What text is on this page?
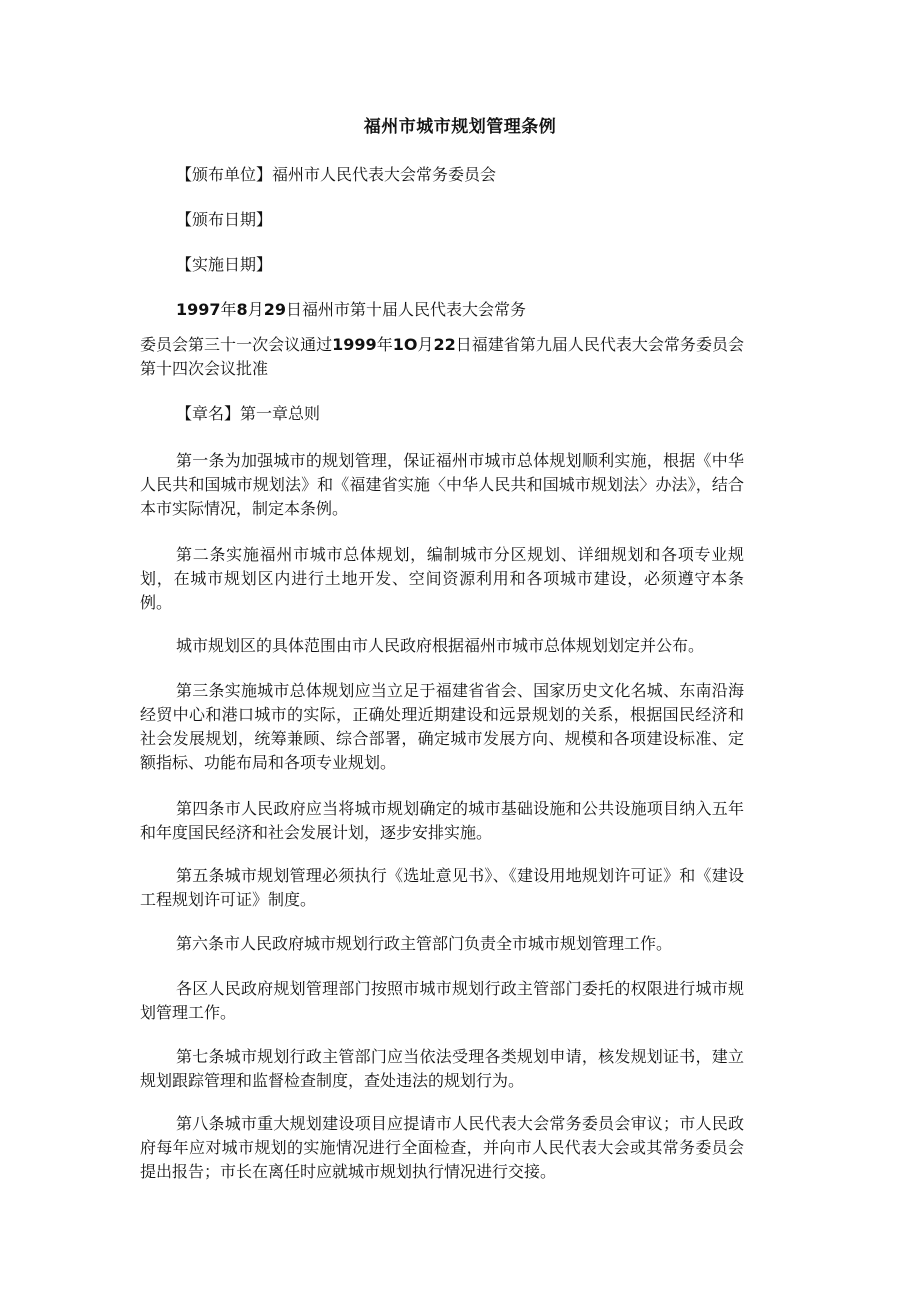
福州市城市规划管理条例
【颁布单位】福州市人民代表大会常务委员会
【颁布日期】
【实施日期】
1997年8月29日福州市第十届人民代表大会常务
委员会第三十一次会议通过1999年1O月22日福建省第九届人民代表大会常务委员会第十四次会议批准
【章名】第一章总则
第一条为加强城市的规划管理，保证福州市城市总体规划顺利实施，根据《中华人民共和国城市规划法》和《福建省实施〈中华人民共和国城市规划法〉办法》，结合本市实际情况，制定本条例。
第二条实施福州市城市总体规划，编制城市分区规划、详细规划和各项专业规划，在城市规划区内进行土地开发、空间资源利用和各项城市建设，必须遵守本条例。
城市规划区的具体范围由市人民政府根据福州市城市总体规划划定并公布。
第三条实施城市总体规划应当立足于福建省省会、国家历史文化名城、东南沿海经贸中心和港口城市的实际，正确处理近期建设和远景规划的关系，根据国民经济和社会发展规划，统筹兼顾、综合部署，确定城市发展方向、规模和各项建设标准、定额指标、功能布局和各项专业规划。
第四条市人民政府应当将城市规划确定的城市基础设施和公共设施项目纳入五年和年度国民经济和社会发展计划，逐步安排实施。
第五条城市规划管理必须执行《选址意见书》、《建设用地规划许可证》和《建设工程规划许可证》制度。
第六条市人民政府城市规划行政主管部门负责全市城市规划管理工作。
各区人民政府规划管理部门按照市城市规划行政主管部门委托的权限进行城市规划管理工作。
第七条城市规划行政主管部门应当依法受理各类规划申请，核发规划证书，建立规划跟踪管理和监督检查制度，查处违法的规划行为。
第八条城市重大规划建设项目应提请市人民代表大会常务委员会审议；市人民政府每年应对城市规划的实施情况进行全面检查，并向市人民代表大会或其常务委员会提出报告；市长在离任时应就城市规划执行情况进行交接。
